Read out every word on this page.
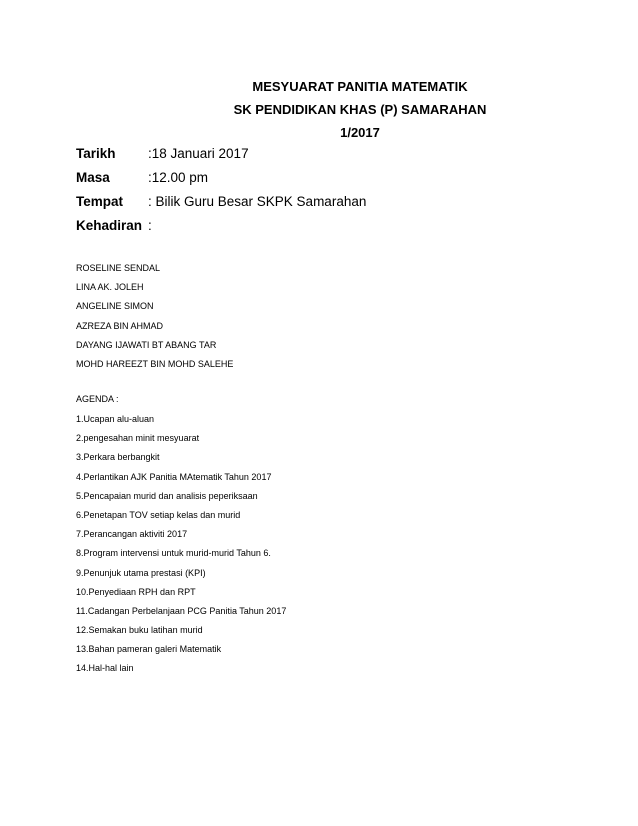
MESYUARAT PANITIA MATEMATIK
SK PENDIDIKAN KHAS (P) SAMARAHAN
1/2017
Tarikh	:18 Januari 2017
Masa	:12.00 pm
Tempat	: Bilik Guru Besar SKPK Samarahan
Kehadiran :
ROSELINE SENDAL
LINA AK. JOLEH
ANGELINE SIMON
AZREZA BIN AHMAD
DAYANG IJAWATI BT ABANG TAR
MOHD HAREEZT BIN MOHD SALEHE
AGENDA :
1.Ucapan alu-aluan
2.pengesahan minit mesyuarat
3.Perkara berbangkit
4.Perlantikan AJK Panitia MAtematik Tahun 2017
5.Pencapaian murid dan analisis peperiksaan
6.Penetapan TOV setiap kelas dan murid
7.Perancangan aktiviti 2017
8.Program intervensi untuk murid-murid Tahun 6.
9.Penunjuk utama prestasi (KPI)
10.Penyediaan RPH dan RPT
11.Cadangan Perbelanjaan PCG Panitia Tahun 2017
12.Semakan buku latihan murid
13.Bahan pameran galeri Matematik
14.Hal-hal lain
